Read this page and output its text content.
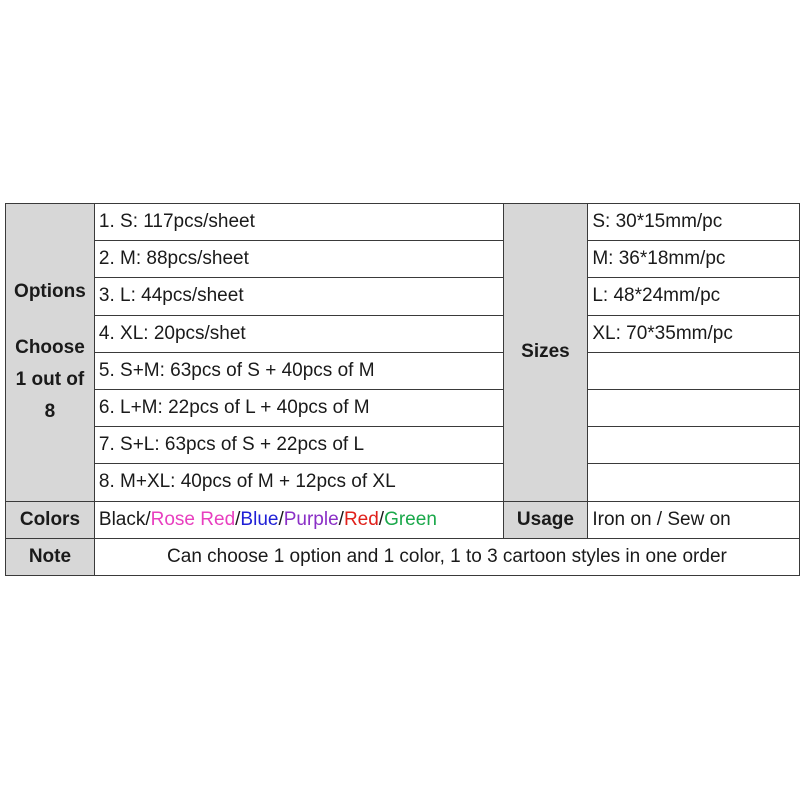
Options
Choose
1 out of
8	1. S: 117pcs/sheet	Sizes	S: 30*15mm/pc
	2. M: 88pcs/sheet		M: 36*18mm/pc
	3. L: 44pcs/sheet		L: 48*24mm/pc
	4. XL: 20pcs/shet		XL: 70*35mm/pc
	5. S+M: 63pcs of S + 40pcs of M		
	6. L+M: 22pcs of L + 40pcs of M		
	7. S+L: 63pcs of S + 22pcs of L		
	8. M+XL: 40pcs of M + 12pcs of XL		
Colors	Black/Rose Red/Blue/Purple/Red/Green	Usage	Iron on / Sew on
Note	Can choose 1 option and 1 color, 1 to 3 cartoon styles in one order		
